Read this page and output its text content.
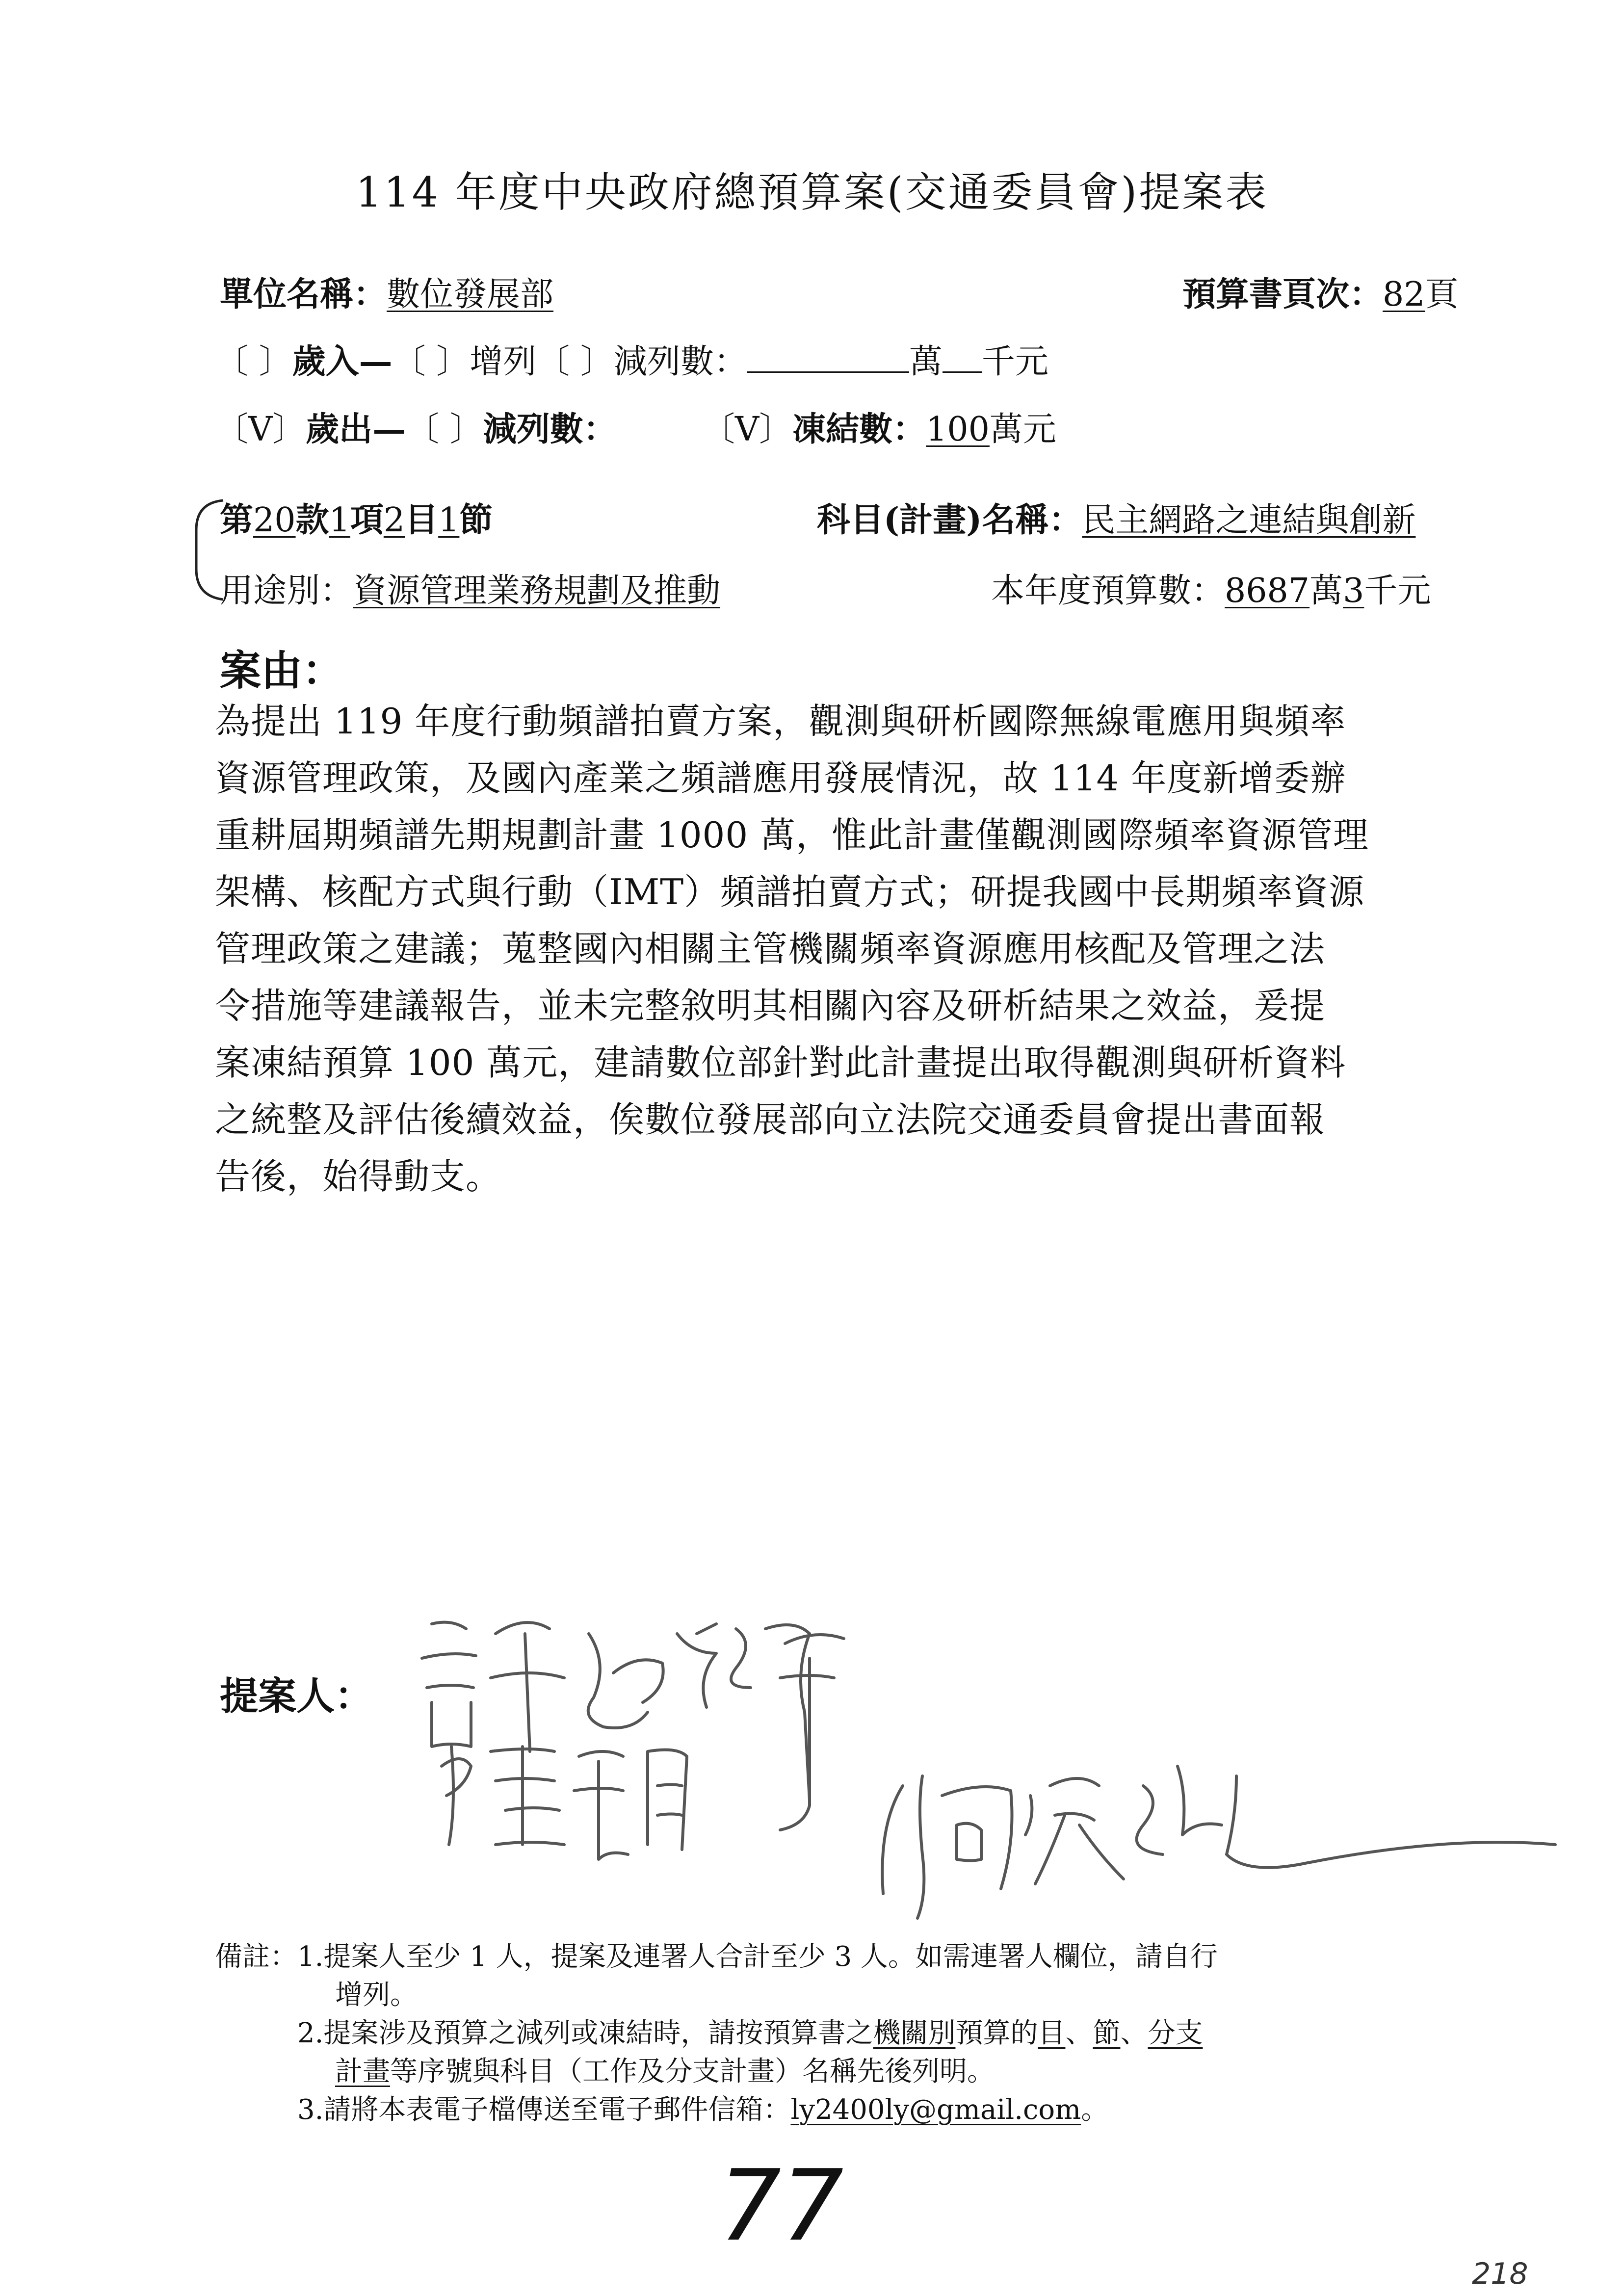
114 年度中央政府總預算案(交通委員會)提案表
單位名稱：數位發展部	預算書頁次：82頁
〔 〕歲入—〔 〕增列〔 〕減列數：	萬 千元
〔V〕歲出—〔 〕減列數：	〔V〕凍結數：100萬元
第20款1項2目1節	科目(計畫)名稱：民主網路之連結與創新
用途別：資源管理業務規劃及推動	本年度預算數：8687萬3千元
案由：
為提出 119 年度行動頻譜拍賣方案，觀測與研析國際無線電應用與頻率
資源管理政策，及國內產業之頻譜應用發展情況，故 114 年度新增委辦
重耕屆期頻譜先期規劃計畫 1000 萬，惟此計畫僅觀測國際頻率資源管理
架構、核配方式與行動（IMT）頻譜拍賣方式；研提我國中長期頻率資源
管理政策之建議；蒐整國內相關主管機關頻率資源應用核配及管理之法
令措施等建議報告，並未完整敘明其相關內容及研析結果之效益，爰提
案凍結預算 100 萬元，建請數位部針對此計畫提出取得觀測與研析資料
之統整及評估後續效益，俟數位發展部向立法院交通委員會提出書面報
告後，始得動支。
提案人：
備註：1.提案人至少 1 人，提案及連署人合計至少 3 人。如需連署人欄位，請自行
增列。
2.提案涉及預算之減列或凍結時，請按預算書之機關別預算的目、節、分支
計畫等序號與科目（工作及分支計畫）名稱先後列明。
3.請將本表電子檔傳送至電子郵件信箱：ly2400ly@gmail.com。
77
218
